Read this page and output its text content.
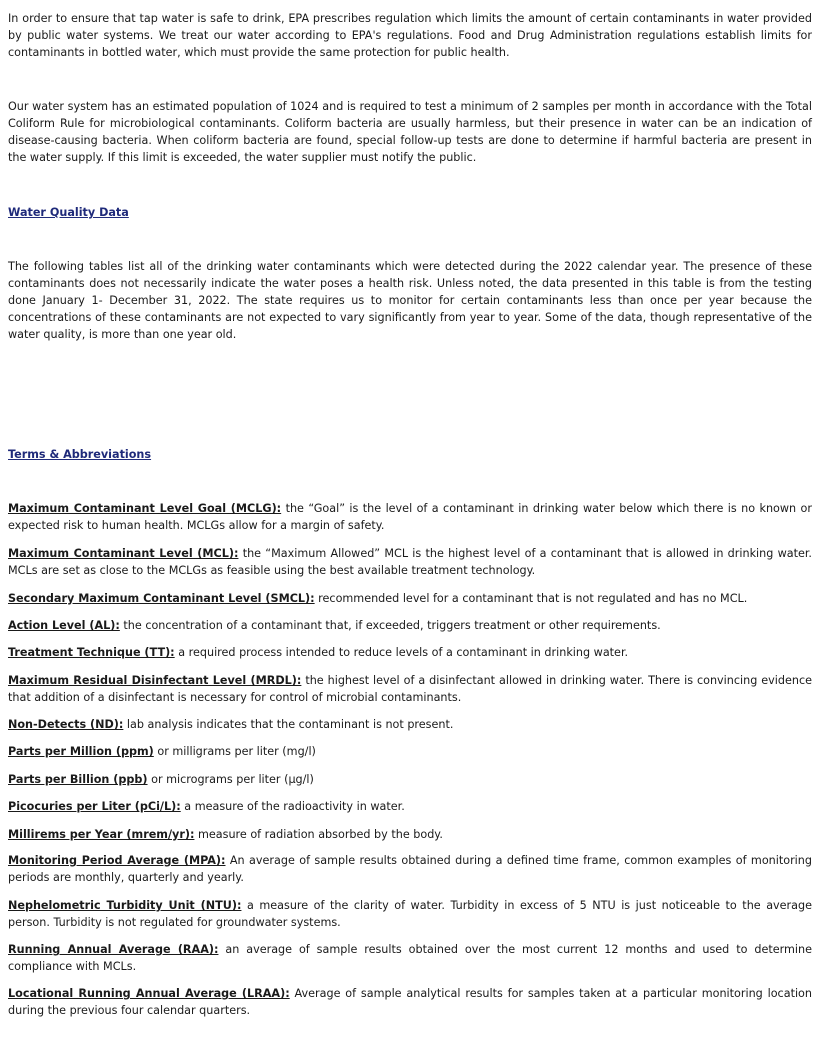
In order to ensure that tap water is safe to drink, EPA prescribes regulation which limits the amount of certain contaminants in water provided by public water systems. We treat our water according to EPA's regulations. Food and Drug Administration regulations establish limits for contaminants in bottled water, which must provide the same protection for public health.

Our water system has an estimated population of 1024 and is required to test a minimum of 2 samples per month in accordance with the Total Coliform Rule for microbiological contaminants. Coliform bacteria are usually harmless, but their presence in water can be an indication of disease-causing bacteria. When coliform bacteria are found, special follow-up tests are done to determine if harmful bacteria are present in the water supply. If this limit is exceeded, the water supplier must notify the public.

Water Quality Data

The following tables list all of the drinking water contaminants which were detected during the 2022 calendar year. The presence of these contaminants does not necessarily indicate the water poses a health risk. Unless noted, the data presented in this table is from the testing done January 1- December 31, 2022. The state requires us to monitor for certain contaminants less than once per year because the concentrations of these contaminants are not expected to vary significantly from year to year. Some of the data, though representative of the water quality, is more than one year old.

Terms & Abbreviations

Maximum Contaminant Level Goal (MCLG): the “Goal” is the level of a contaminant in drinking water below which there is no known or expected risk to human health. MCLGs allow for a margin of safety.

Maximum Contaminant Level (MCL): the “Maximum Allowed” MCL is the highest level of a contaminant that is allowed in drinking water. MCLs are set as close to the MCLGs as feasible using the best available treatment technology.

Secondary Maximum Contaminant Level (SMCL): recommended level for a contaminant that is not regulated and has no MCL.

Action Level (AL): the concentration of a contaminant that, if exceeded, triggers treatment or other requirements.

Treatment Technique (TT): a required process intended to reduce levels of a contaminant in drinking water.

Maximum Residual Disinfectant Level (MRDL): the highest level of a disinfectant allowed in drinking water. There is convincing evidence that addition of a disinfectant is necessary for control of microbial contaminants.

Non-Detects (ND): lab analysis indicates that the contaminant is not present.

Parts per Million (ppm) or milligrams per liter (mg/l)

Parts per Billion (ppb) or micrograms per liter (µg/l)

Picocuries per Liter (pCi/L): a measure of the radioactivity in water.

Millirems per Year (mrem/yr): measure of radiation absorbed by the body.

Monitoring Period Average (MPA): An average of sample results obtained during a defined time frame, common examples of monitoring periods are monthly, quarterly and yearly.

Nephelometric Turbidity Unit (NTU): a measure of the clarity of water. Turbidity in excess of 5 NTU is just noticeable to the average person. Turbidity is not regulated for groundwater systems.

Running Annual Average (RAA): an average of sample results obtained over the most current 12 months and used to determine compliance with MCLs.

Locational Running Annual Average (LRAA): Average of sample analytical results for samples taken at a particular monitoring location during the previous four calendar quarters.
